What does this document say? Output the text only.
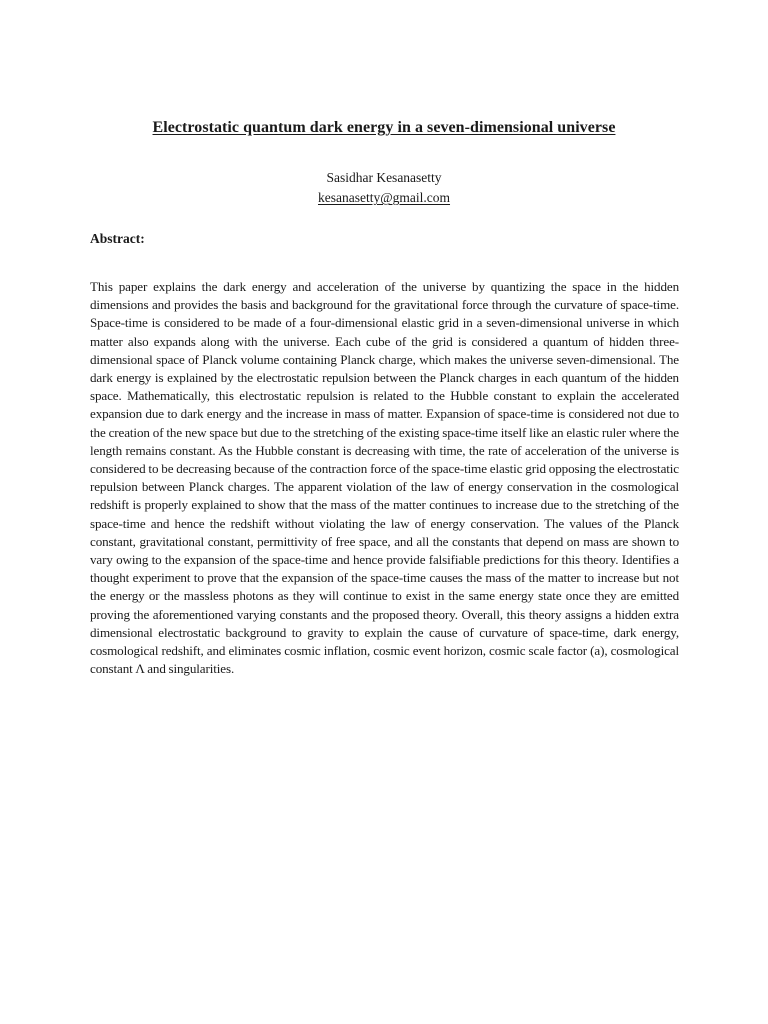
Electrostatic quantum dark energy in a seven-dimensional universe
Sasidhar Kesanasetty
kesanasetty@gmail.com
Abstract:
This paper explains the dark energy and acceleration of the universe by quantizing the space in the hidden dimensions and provides the basis and background for the gravitational force through the curvature of space-time. Space-time is considered to be made of a four-dimensional elastic grid in a seven-dimensional universe in which matter also expands along with the universe. Each cube of the grid is considered a quantum of hidden three-dimensional space of Planck volume containing Planck charge, which makes the universe seven-dimensional. The dark energy is explained by the electrostatic repulsion between the Planck charges in each quantum of the hidden space. Mathematically, this electrostatic repulsion is related to the Hubble constant to explain the accelerated expansion due to dark energy and the increase in mass of matter. Expansion of space-time is considered not due to the creation of the new space but due to the stretching of the existing space-time itself like an elastic ruler where the length remains constant. As the Hubble constant is decreasing with time, the rate of acceleration of the universe is considered to be decreasing because of the contraction force of the space-time elastic grid opposing the electrostatic repulsion between Planck charges. The apparent violation of the law of energy conservation in the cosmological redshift is properly explained to show that the mass of the matter continues to increase due to the stretching of the space-time and hence the redshift without violating the law of energy conservation. The values of the Planck constant, gravitational constant, permittivity of free space, and all the constants that depend on mass are shown to vary owing to the expansion of the space-time and hence provide falsifiable predictions for this theory. Identifies a thought experiment to prove that the expansion of the space-time causes the mass of the matter to increase but not the energy or the massless photons as they will continue to exist in the same energy state once they are emitted proving the aforementioned varying constants and the proposed theory. Overall, this theory assigns a hidden extra dimensional electrostatic background to gravity to explain the cause of curvature of space-time, dark energy, cosmological redshift, and eliminates cosmic inflation, cosmic event horizon, cosmic scale factor (a), cosmological constant Λ and singularities.
